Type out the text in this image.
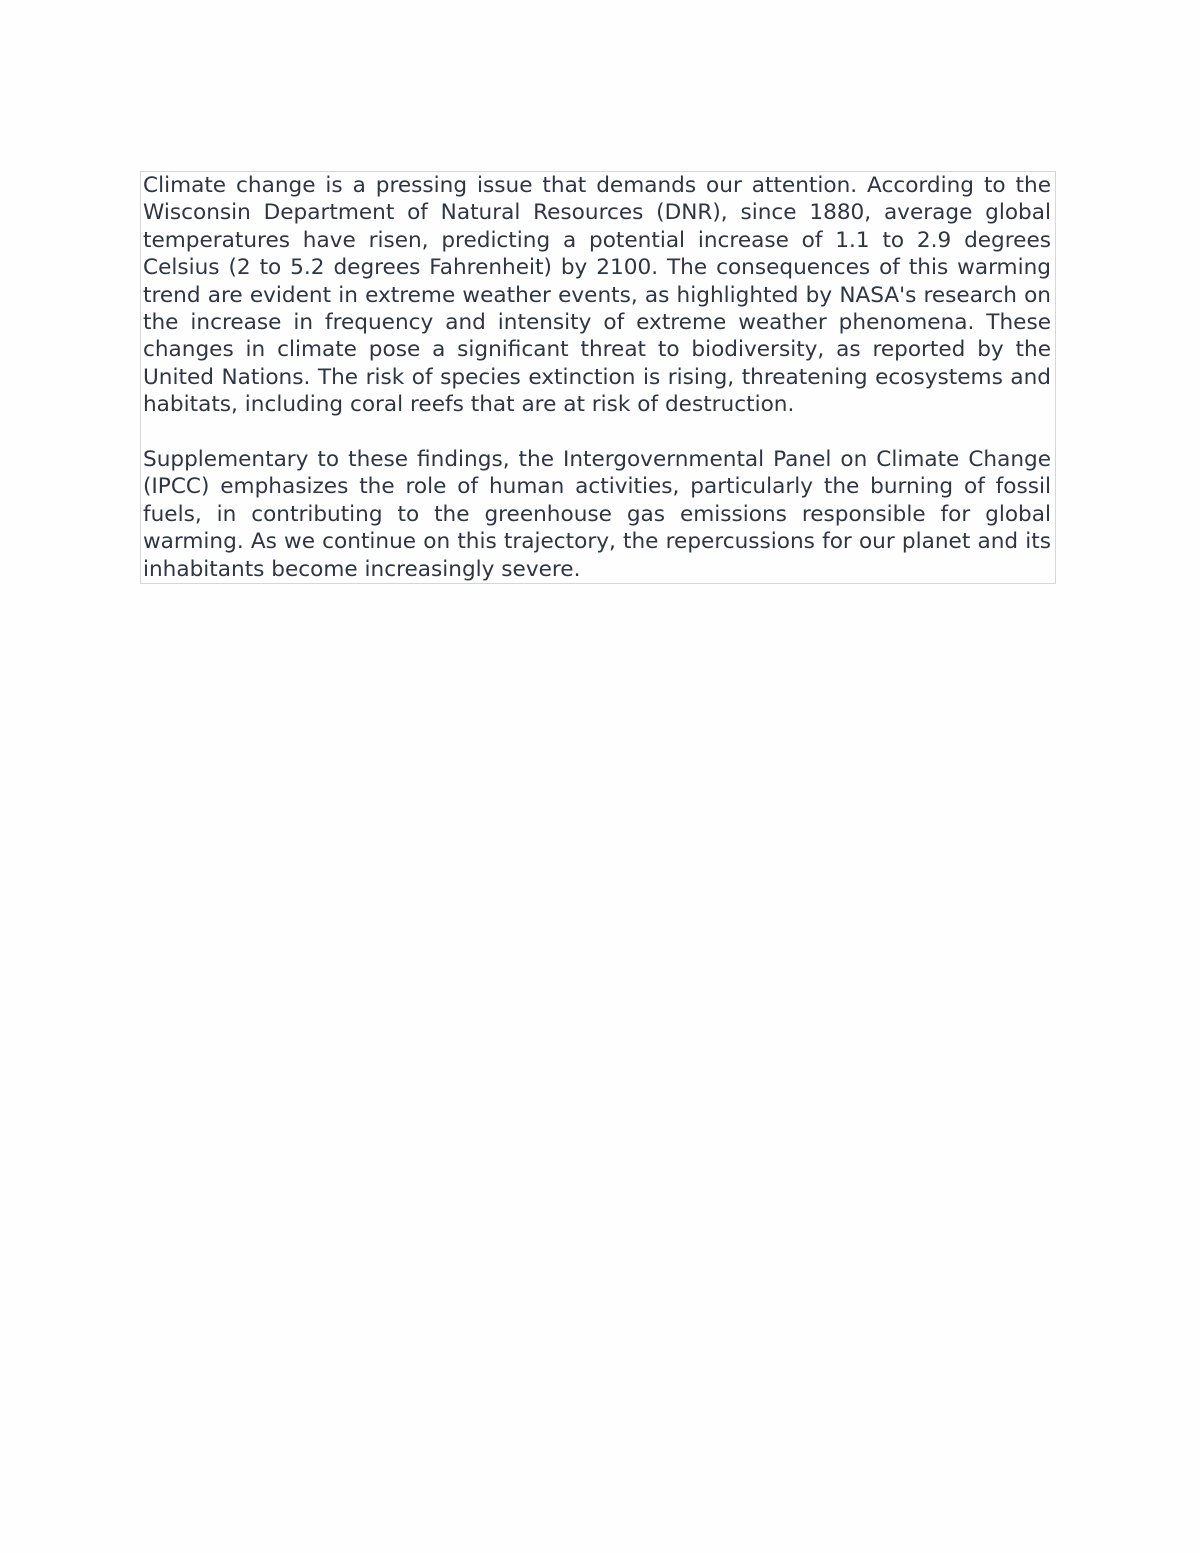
Climate change is a pressing issue that demands our attention. According to the Wisconsin Department of Natural Resources (DNR), since 1880, average global temperatures have risen, predicting a potential increase of 1.1 to 2.9 degrees Celsius (2 to 5.2 degrees Fahrenheit) by 2100. The consequences of this warming trend are evident in extreme weather events, as highlighted by NASA's research on the increase in frequency and intensity of extreme weather phenomena. These changes in climate pose a significant threat to biodiversity, as reported by the United Nations. The risk of species extinction is rising, threatening ecosystems and habitats, including coral reefs that are at risk of destruction.

Supplementary to these findings, the Intergovernmental Panel on Climate Change (IPCC) emphasizes the role of human activities, particularly the burning of fossil fuels, in contributing to the greenhouse gas emissions responsible for global warming. As we continue on this trajectory, the repercussions for our planet and its inhabitants become increasingly severe.
